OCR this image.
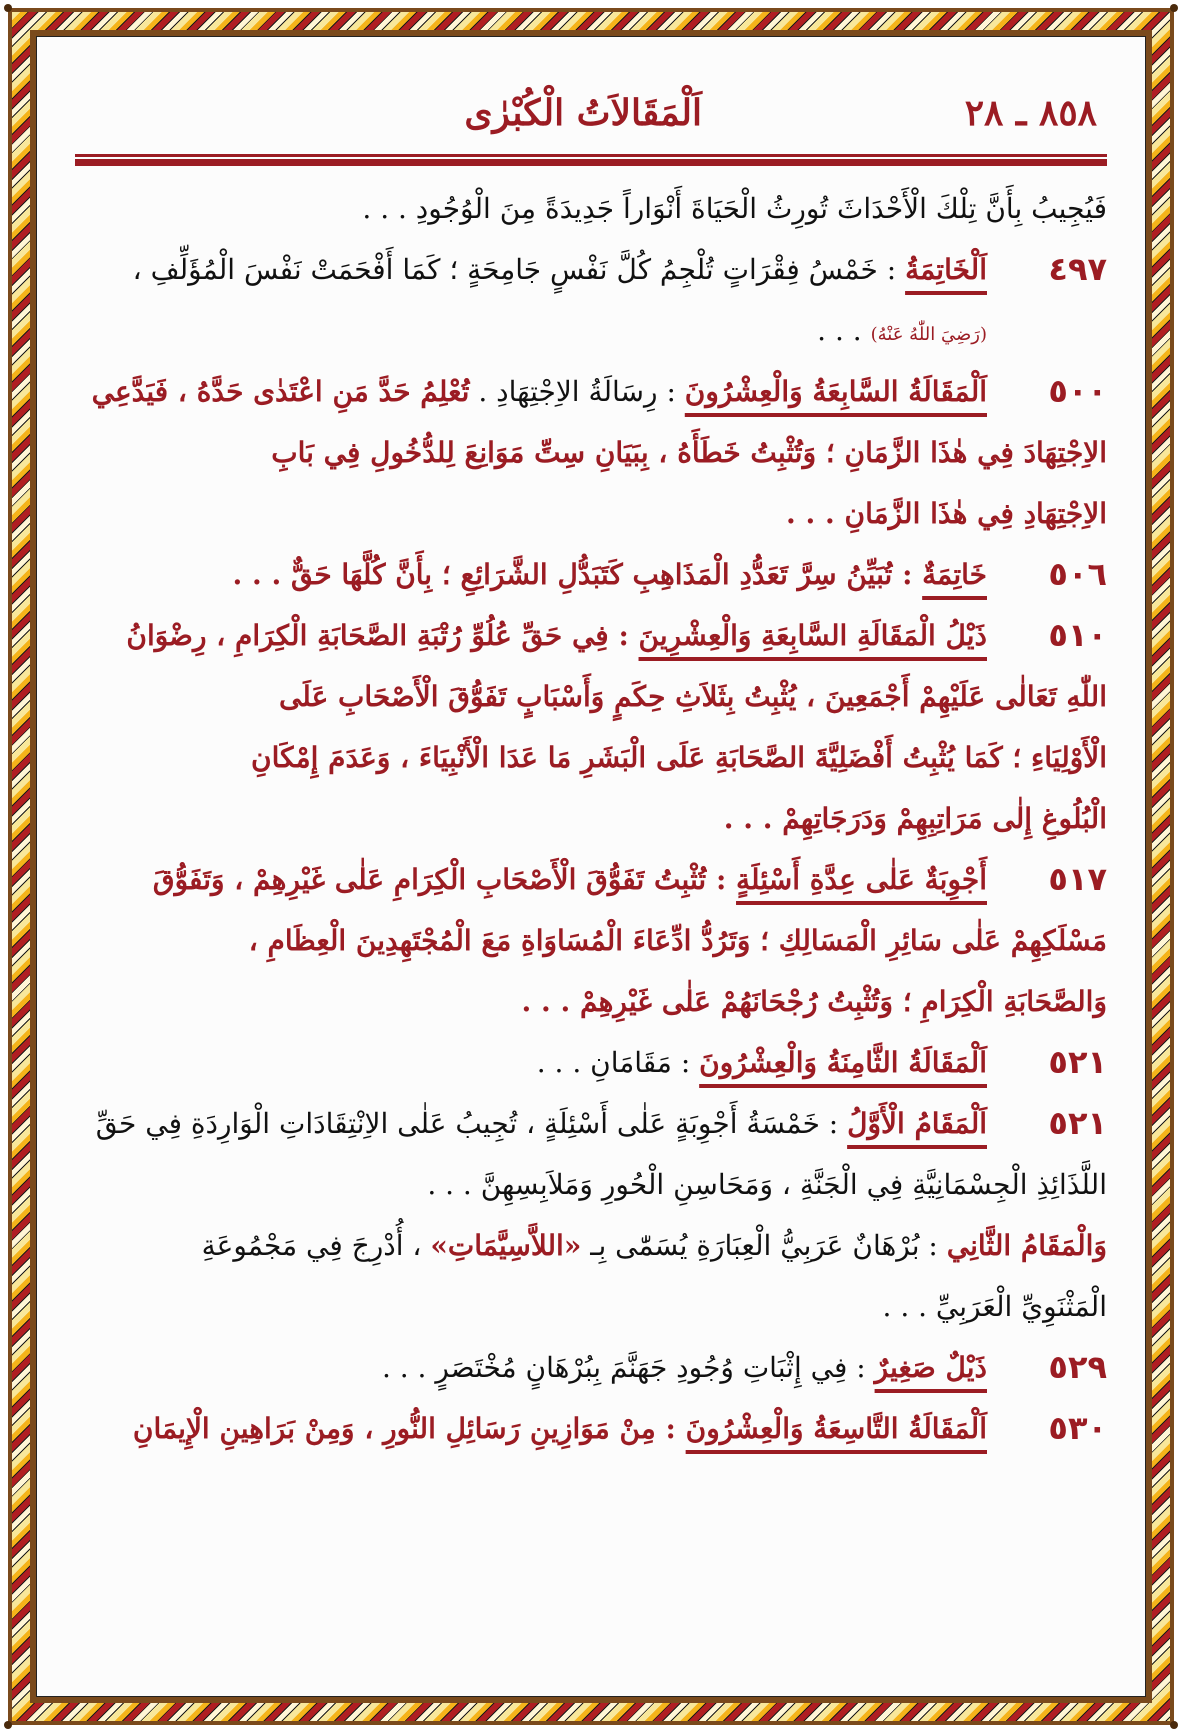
٨٥٨ ـ ٢٨
اَلْمَقَالاَتُ الْكُبْرٰى
فَيُجِيبُ بِأَنَّ تِلْكَ الْأَحْدَاثَ تُورِثُ الْحَيَاةَ أَنْوَاراً جَدِيدَةً مِنَ الْوُجُودِ . . .
٤٩٧
اَلْخَاتِمَةُ : خَمْسُ فِقْرَاتٍ تُلْجِمُ كُلَّ نَفْسٍ جَامِحَةٍ ؛ كَمَا أَفْحَمَتْ نَفْسَ الْمُؤَلِّفِ ،
(رَضِيَ اللّٰهُ عَنْهُ) . . .
٥٠٠
اَلْمَقَالَةُ السَّابِعَةُ وَالْعِشْرُونَ : رِسَالَةُ الاِجْتِهَادِ . تُعْلِمُ حَدَّ مَنِ اعْتَدٰى حَدَّهُ ، فَيَدَّعِي
الاِجْتِهَادَ فِي هٰذَا الزَّمَانِ ؛ وَتُثْبِتُ خَطَأَهُ ، بِبَيَانِ سِتِّ مَوَانِعَ لِلدُّخُولِ فِي بَابِ
الاِجْتِهَادِ فِي هٰذَا الزَّمَانِ . . .
٥٠٦
خَاتِمَةٌ : تُبَيِّنُ سِرَّ تَعَدُّدِ الْمَذَاهِبِ كَتَبَدُّلِ الشَّرَائِعِ ؛ بِأَنَّ كُلَّهَا حَقٌّ . . .
٥١٠
ذَيْلُ الْمَقَالَةِ السَّابِعَةِ وَالْعِشْرِينَ : فِي حَقِّ عُلُوِّ رُتْبَةِ الصَّحَابَةِ الْكِرَامِ ، رِضْوَانُ
اللّٰهِ تَعَالٰى عَلَيْهِمْ أَجْمَعِينَ ، يُثْبِتُ بِثَلاَثِ حِكَمٍ وَأَسْبَابٍ تَفَوُّقَ الْأَصْحَابِ عَلَى
الْأَوْلِيَاءِ ؛ كَمَا يُثْبِتُ أَفْضَلِيَّةَ الصَّحَابَةِ عَلَى الْبَشَرِ مَا عَدَا الْأَنْبِيَاءَ ، وَعَدَمَ إِمْكَانِ
الْبُلُوغِ إِلٰى مَرَاتِبِهِمْ وَدَرَجَاتِهِمْ . . .
٥١٧
أَجْوِبَةٌ عَلٰى عِدَّةِ أَسْئِلَةٍ : تُثْبِتُ تَفَوُّقَ الْأَصْحَابِ الْكِرَامِ عَلٰى غَيْرِهِمْ ، وَتَفَوُّقَ
مَسْلَكِهِمْ عَلٰى سَائِرِ الْمَسَالِكِ ؛ وَتَرُدُّ ادِّعَاءَ الْمُسَاوَاةِ مَعَ الْمُجْتَهِدِينَ الْعِظَامِ ،
وَالصَّحَابَةِ الْكِرَامِ ؛ وَتُثْبِتُ رُجْحَانَهُمْ عَلٰى غَيْرِهِمْ . . .
٥٢١
اَلْمَقَالَةُ الثَّامِنَةُ وَالْعِشْرُونَ : مَقَامَانِ . . .
٥٢١
اَلْمَقَامُ الْأَوَّلُ : خَمْسَةُ أَجْوِبَةٍ عَلٰى أَسْئِلَةٍ ، تُجِيبُ عَلٰى الاِنْتِقَادَاتِ الْوَارِدَةِ فِي حَقِّ
اللَّذَائِذِ الْجِسْمَانِيَّةِ فِي الْجَنَّةِ ، وَمَحَاسِنِ الْحُورِ وَمَلاَبِسِهِنَّ . . .
وَالْمَقَامُ الثَّانِي : بُرْهَانٌ عَرَبِيُّ الْعِبَارَةِ يُسَمّٰى بِـ «اللاَّسِيَّمَاتِ» ، أُدْرِجَ فِي مَجْمُوعَةِ
الْمَثْنَوِيِّ الْعَرَبِيِّ . . .
٥٢٩
ذَيْلٌ صَغِيرٌ : فِي إِثْبَاتِ وُجُودِ جَهَنَّمَ بِبُرْهَانٍ مُخْتَصَرٍ . . .
٥٣٠
اَلْمَقَالَةُ التَّاسِعَةُ وَالْعِشْرُونَ : مِنْ مَوَازِينِ رَسَائِلِ النُّورِ ، وَمِنْ بَرَاهِينِ الْإِيمَانِ
